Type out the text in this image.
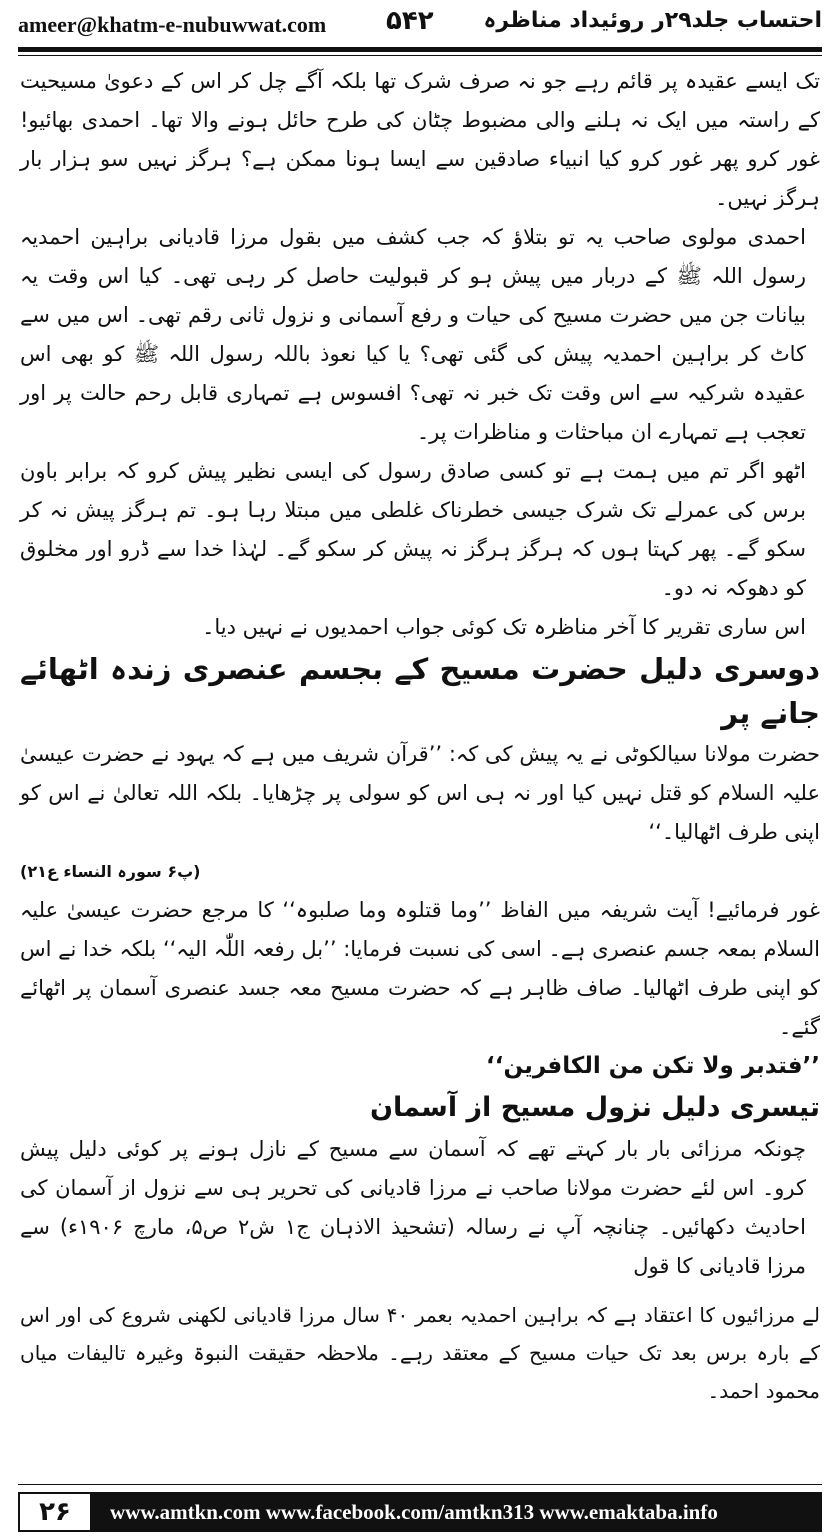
ameer@khatm-e-nubuwwat.com ۵۴۲ احتساب جلد۲۹ر روئیداد مناظرہ

تک ایسے عقیدہ پر قائم رہے جو نہ صرف شرک تھا بلکہ آگے چل کر اس کے دعویٰ مسیحیت کے راستہ میں ایک نہ ہلنے والی مضبوط چٹان کی طرح حائل ہونے والا تھا۔ احمدی بھائیو! غور کرو پھر غور کرو کیا انبیاء صادقین سے ایسا ہونا ممکن ہے؟ ہرگز نہیں سو ہزار بار ہرگز نہیں۔

احمدی مولوی صاحب یہ تو بتلاؤ کہ جب کشف میں بقول مرزا قادیانی براہین احمدیہ رسول اللہ ﷺ کے دربار میں پیش ہو کر قبولیت حاصل کر رہی تھی۔ کیا اس وقت یہ بیانات جن میں حضرت مسیح کی حیات و رفع آسمانی و نزول ثانی رقم تھی۔ اس میں سے کاٹ کر براہین احمدیہ پیش کی گئی تھی؟ یا کیا نعوذ باللہ رسول اللہ ﷺ کو بھی اس عقیدہ شرکیہ سے اس وقت تک خبر نہ تھی؟ افسوس ہے تمہاری قابل رحم حالت پر اور تعجب ہے تمہارے ان مباحثات و مناظرات پر۔

اٹھو اگر تم میں ہمت ہے تو کسی صادق رسول کی ایسی نظیر پیش کرو کہ برابر باون برس کی عمرلے تک شرک جیسی خطرناک غلطی میں مبتلا رہا ہو۔ تم ہرگز پیش نہ کر سکو گے۔ پھر کہتا ہوں کہ ہرگز ہرگز نہ پیش کر سکو گے۔ لہٰذا خدا سے ڈرو اور مخلوق کو دھوکہ نہ دو۔

اس ساری تقریر کا آخر مناظرہ تک کوئی جواب احمدیوں نے نہیں دیا۔

دوسری دلیل حضرت مسیح کے بجسم عنصری زندہ اٹھائے جانے پر

حضرت مولانا سیالکوٹی نے یہ پیش کی کہ: ’’قرآن شریف میں ہے کہ یہود نے حضرت عیسیٰ علیہ السلام کو قتل نہیں کیا اور نہ ہی اس کو سولی پر چڑھایا۔ بلکہ اللہ تعالیٰ نے اس کو اپنی طرف اٹھالیا۔‘‘

(پ۶ سورہ النساء ع۲۱)

غور فرمائیے! آیت شریفہ میں الفاظ ’’وما قتلوہ وما صلبوہ‘‘ کا مرجع حضرت عیسیٰ علیہ السلام بمعہ جسم عنصری ہے۔ اسی کی نسبت فرمایا: ’’بل رفعہ اللّٰہ الیہ‘‘ بلکہ خدا نے اس کو اپنی طرف اٹھالیا۔ صاف ظاہر ہے کہ حضرت مسیح معہ جسد عنصری آسمان پر اٹھائے گئے۔

’’فتدبر ولا تکن من الکافرین‘‘

تیسری دلیل نزول مسیح از آسمان

چونکہ مرزائی بار بار کہتے تھے کہ آسمان سے مسیح کے نازل ہونے پر کوئی دلیل پیش کرو۔ اس لئے حضرت مولانا صاحب نے مرزا قادیانی کی تحریر ہی سے نزول از آسمان کی احادیث دکھائیں۔ چنانچہ آپ نے رسالہ (تشحیذ الاذہان ج۱ ش۲ ص۵، مارچ ۱۹۰۶ء) سے مرزا قادیانی کا قول

لے مرزائیوں کا اعتقاد ہے کہ براہین احمدیہ بعمر ۴۰ سال مرزا قادیانی لکھنی شروع کی اور اس کے بارہ برس بعد تک حیات مسیح کے معتقد رہے۔ ملاحظہ حقیقت النبوۃ وغیرہ تالیفات میاں محمود احمد۔

۲۶	www.amtkn.com www.facebook.com/amtkn313 www.emaktaba.info
